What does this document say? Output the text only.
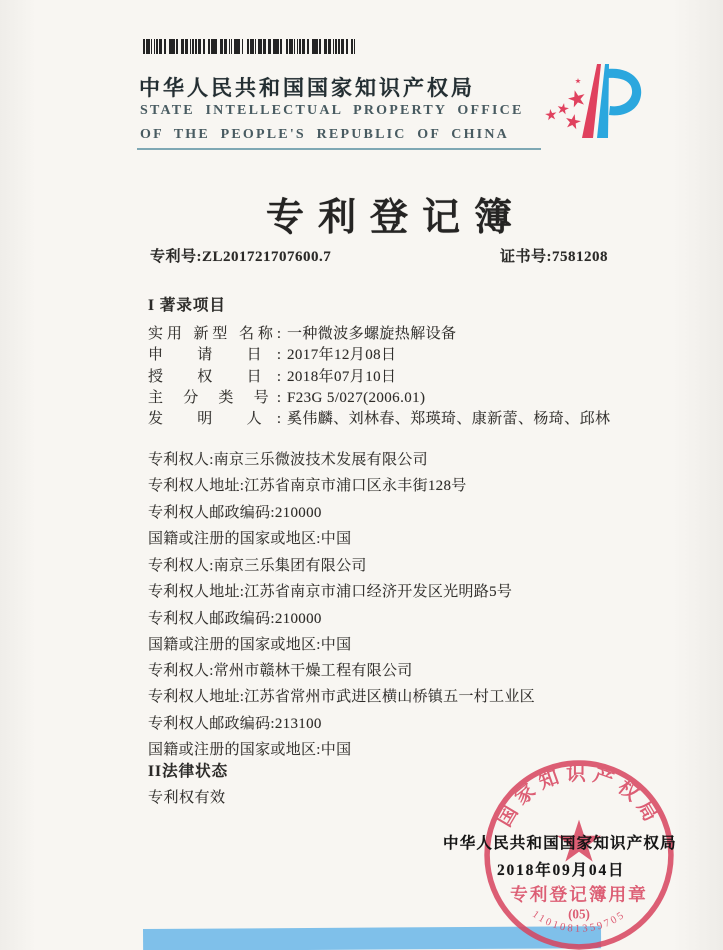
中华人民共和国国家知识产权局
STATE INTELLECTUAL PROPERTY OFFICE
OF THE PEOPLE'S REPUBLIC OF CHINA
专利登记簿
专利号:ZL201721707600.7	证书号:7581208
I 著录项目
实用 新型 名称: 一种微波多螺旋热解设备
申 请 日: 2017年12月08日
授 权 日: 2018年07月10日
主 分 类 号: F23G 5/027(2006.01)
发 明 人: 奚伟麟、刘林春、郑瑛琦、康新蕾、杨琦、邱林

专利权人:南京三乐微波技术发展有限公司

专利权人地址:江苏省南京市浦口区永丰街128号

专利权人邮政编码:210000

国籍或注册的国家或地区:中国

专利权人:南京三乐集团有限公司

专利权人地址:江苏省南京市浦口经济开发区光明路5号

专利权人邮政编码:210000

国籍或注册的国家或地区:中国

专利权人:常州市赣林干燥工程有限公司

专利权人地址:江苏省常州市武进区横山桥镇五一村工业区

专利权人邮政编码:213100

国籍或注册的国家或地区:中国

II法律状态
专利权有效	国家知识产权局
专利登记簿用章
(05)
1101081359705
中华人民共和国国家知识产权局
2018年09月04日
